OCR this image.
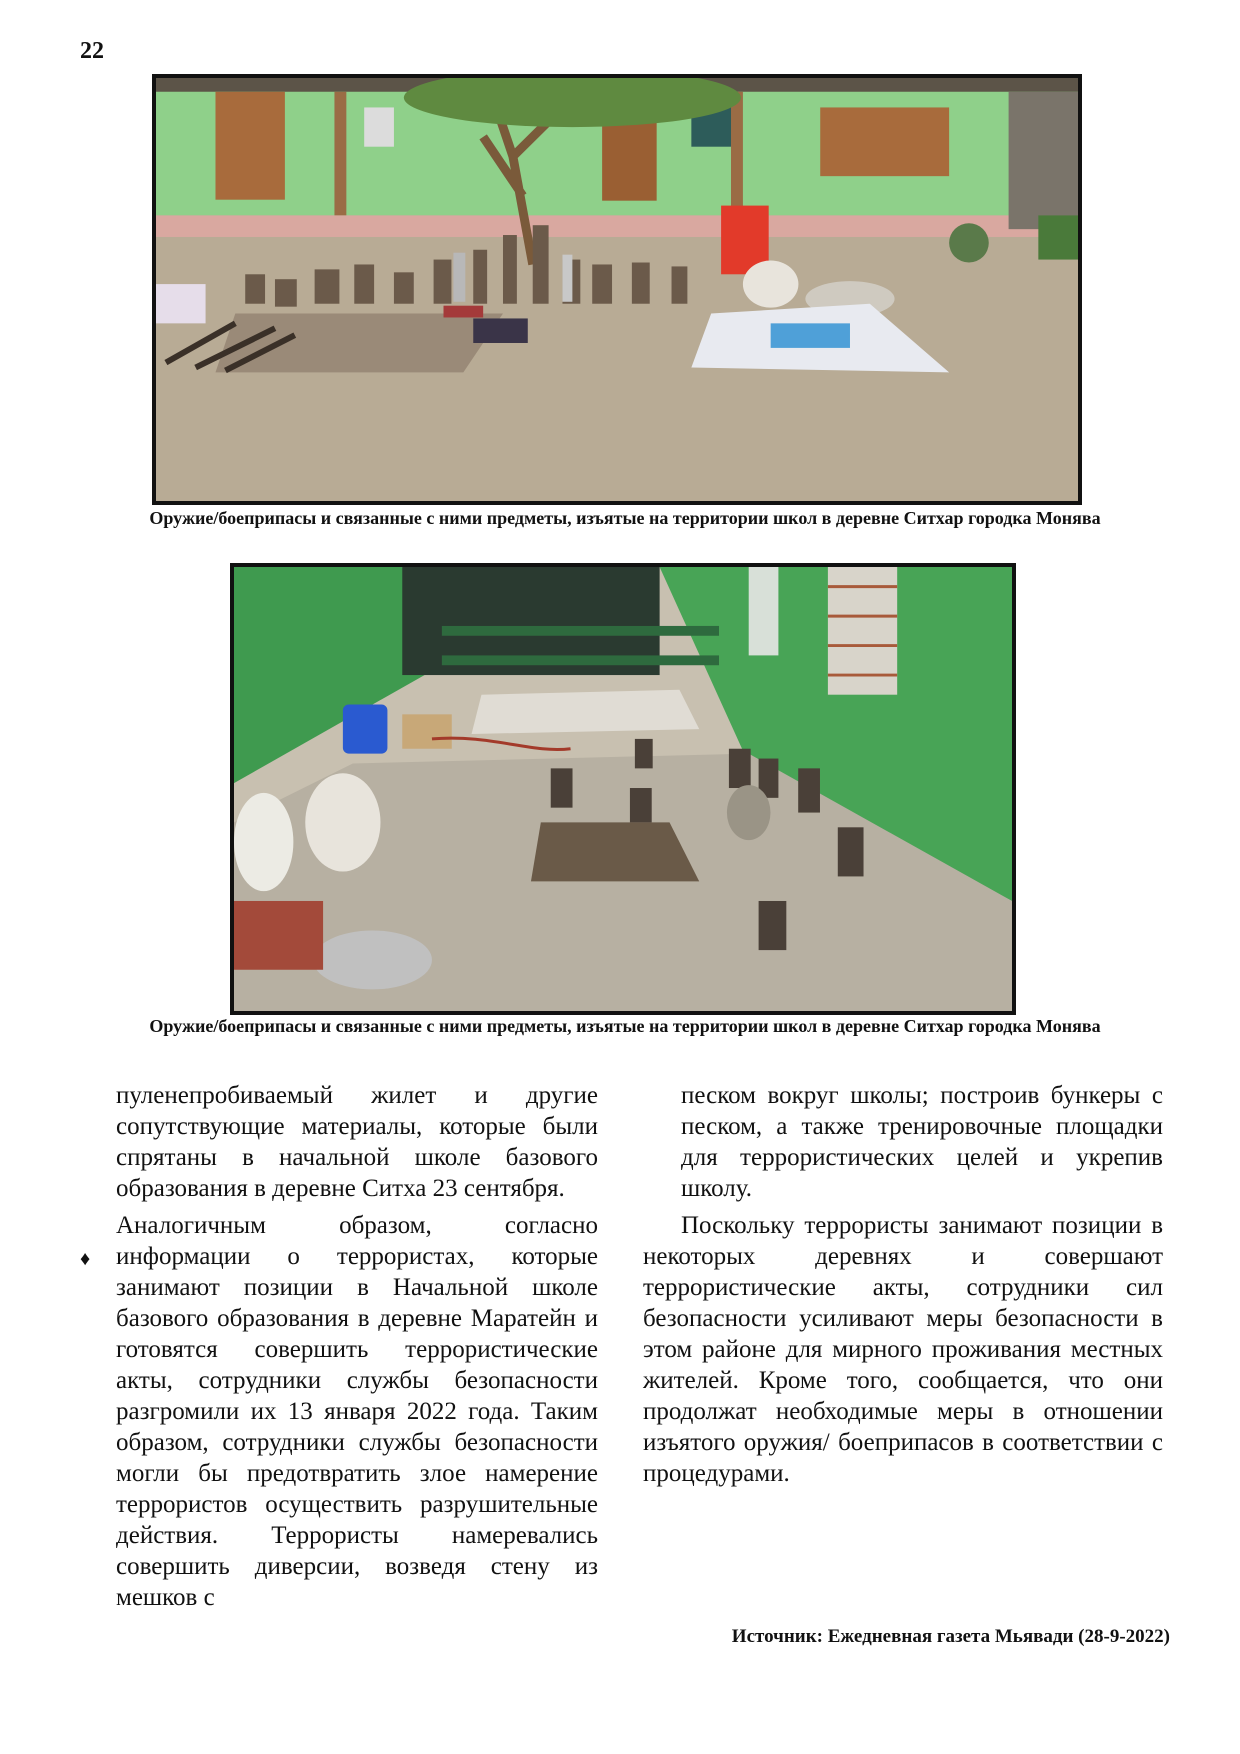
22
Оружие/боеприпасы и связанные с ними предметы, изъятые на территории школ в деревне Ситхар городка Монява
Оружие/боеприпасы и связанные с ними предметы, изъятые на территории школ в деревне Ситхар городка Монява

пуленепробиваемый жилет и другие сопутствующие материалы, которые были спрятаны в начальной школе базового образования в деревне Ситха 23 сентября.

Аналогичным образом, согласно информации о террористах, которые занимают позиции в Начальной школе базового образования в деревне Маратейн и готовятся совершить террористические акты, сотрудники службы безопасности разгромили их 13 января 2022 года. Таким образом, сотрудники службы безопасности могли бы предотвратить злое намерение террористов осуществить разрушительные действия. Террористы намеревались совершить диверсии, возведя стену из мешков с

♦

песком вокруг школы; построив бункеры с песком, а также тренировочные площадки для террористических целей и укрепив школу.

Поскольку террористы занимают позиции в некоторых деревнях и совершают террористические акты, сотрудники сил безопасности усиливают меры безопасности в этом районе для мирного проживания местных жителей. Кроме того, сообщается, что они продолжат необходимые меры в отношении изъятого оружия/ боеприпасов в соответствии с процедурами.

Источник: Ежедневная газета Мьявади (28-9-2022)
